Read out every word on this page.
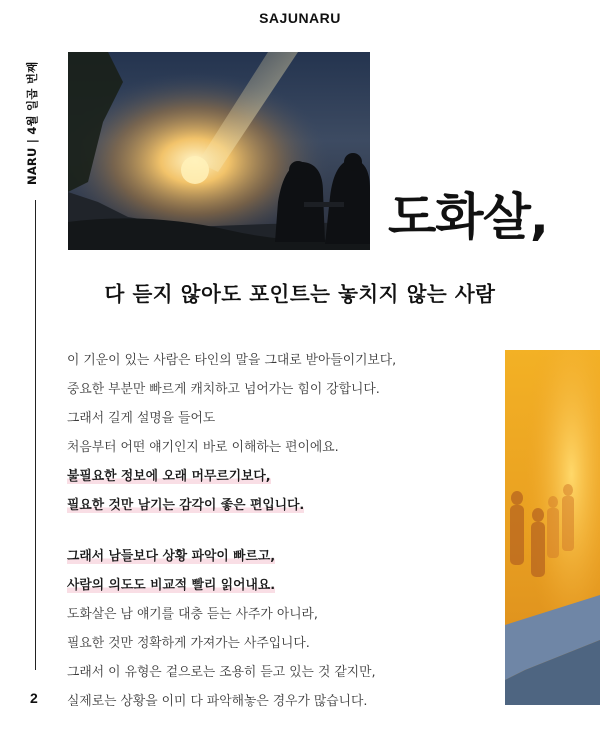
SAJUNARU
NARU | 4월 일곱 번째
2
도화살,
다 듣지 않아도 포인트는 놓치지 않는 사람
이 기운이 있는 사람은 타인의 말을 그대로 받아들이기보다,
중요한 부분만 빠르게 캐치하고 넘어가는 힘이 강합니다.
그래서 길게 설명을 들어도
처음부터 어떤 얘기인지 바로 이해하는 편이에요.
불필요한 정보에 오래 머무르기보다,
필요한 것만 남기는 감각이 좋은 편입니다.
그래서 남들보다 상황 파악이 빠르고,
사람의 의도도 비교적 빨리 읽어내요.
도화살은 남 얘기를 대충 듣는 사주가 아니라,
필요한 것만 정확하게 가져가는 사주입니다.
그래서 이 유형은 겉으로는 조용히 듣고 있는 것 같지만,
실제로는 상황을 이미 다 파악해놓은 경우가 많습니다.
